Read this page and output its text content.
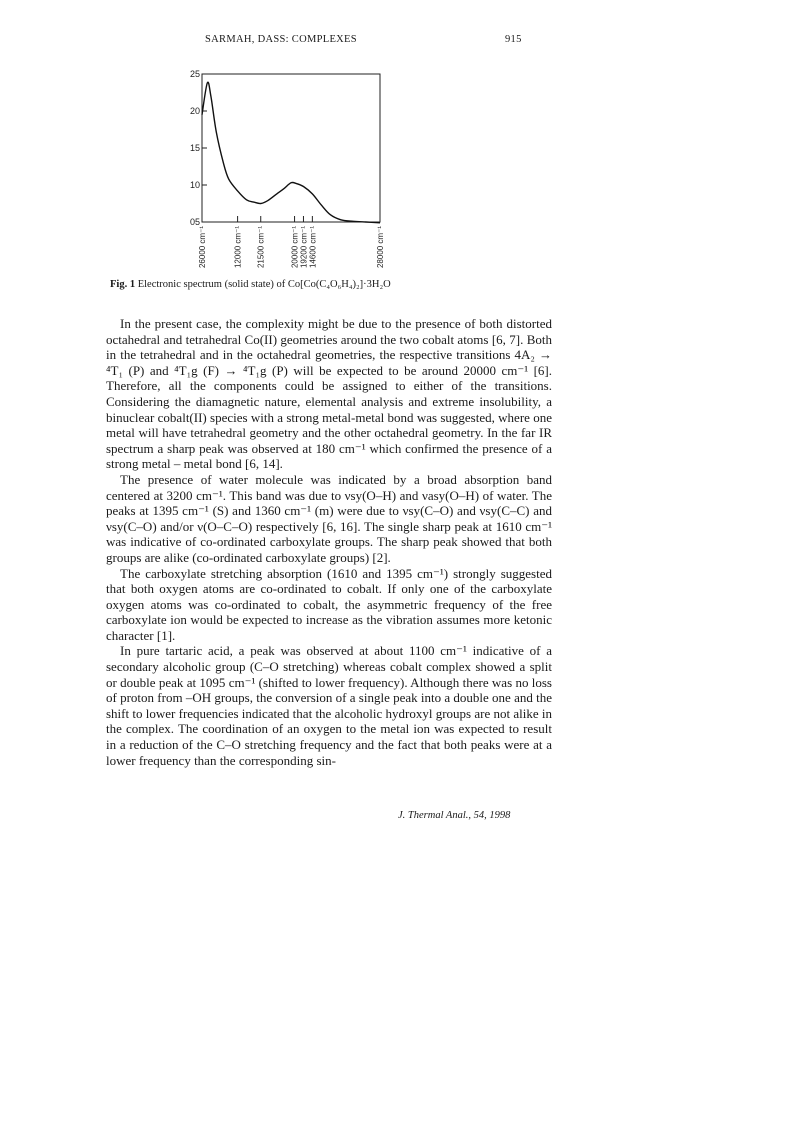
SARMAH, DASS: COMPLEXES	915
25
20
15
10
05
26000 cm⁻¹	12000 cm⁻¹ 21500 cm⁻¹	20000 cm⁻¹ 19200 cm⁻¹ 14600 cm⁻¹	28000 cm⁻¹
Fig. 1 Electronic spectrum (solid state) of Co[Co(C₄O₆H₄)₂]·3H₂O

In the present case, the complexity might be due to the presence of both distorted octahedral and tetrahedral Co(II) geometries around the two cobalt atoms [6, 7]. Both in the tetrahedral and in the octahedral geometries, the respective transitions 4A₂ → ⁴T₁ (P) and ⁴T₁g (F) → ⁴T₁g (P) will be expected to be around 20000 cm⁻¹ [6]. Therefore, all the components could be assigned to either of the transitions. Considering the diamagnetic nature, elemental analysis and extreme insolubility, a binuclear cobalt(II) species with a strong metal-metal bond was suggested, where one metal will have tetrahedral geometry and the other octahedral geometry. In the far IR spectrum a sharp peak was observed at 180 cm⁻¹ which confirmed the presence of a strong metal – metal bond [6, 14].

The presence of water molecule was indicated by a broad absorption band centered at 3200 cm⁻¹. This band was due to νsy(O–H) and νasy(O–H) of water. The peaks at 1395 cm⁻¹ (S) and 1360 cm⁻¹ (m) were due to νsy(C–O) and νsy(C–C) and νsy(C–O) and/or ν(O–C–O) respectively [6, 16]. The single sharp peak at 1610 cm⁻¹ was indicative of co-ordinated carboxylate groups. The sharp peak showed that both groups are alike (co-ordinated carboxylate groups) [2].

The carboxylate stretching absorption (1610 and 1395 cm⁻¹) strongly suggested that both oxygen atoms are co-ordinated to cobalt. If only one of the carboxylate oxygen atoms was co-ordinated to cobalt, the asymmetric frequency of the free carboxylate ion would be expected to increase as the vibration assumes more ketonic character [1].

In pure tartaric acid, a peak was observed at about 1100 cm⁻¹ indicative of a secondary alcoholic group (C–O stretching) whereas cobalt complex showed a split or double peak at 1095 cm⁻¹ (shifted to lower frequency). Although there was no loss of proton from –OH groups, the conversion of a single peak into a double one and the shift to lower frequencies indicated that the alcoholic hydroxyl groups are not alike in the complex. The coordination of an oxygen to the metal ion was expected to result in a reduction of the C–O stretching frequency and the fact that both peaks were at a lower frequency than the corresponding sin-

J. Thermal Anal., 54, 1998
